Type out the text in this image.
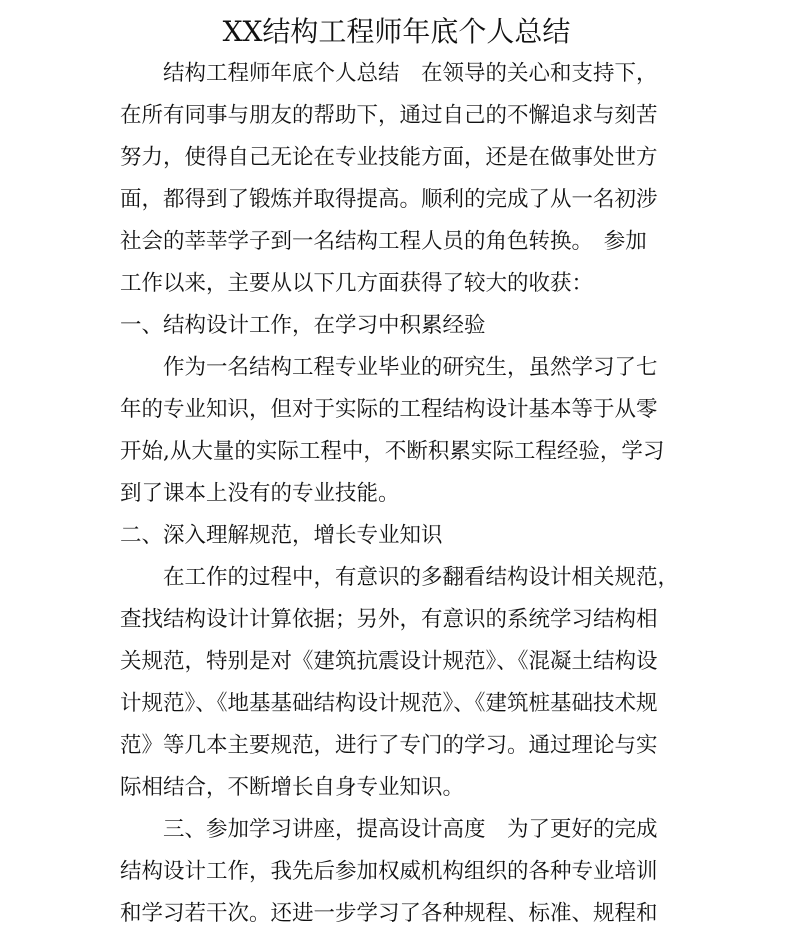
XX结构工程师年底个人总结

结构工程师年底个人总结　在领导的关心和支持下，

在所有同事与朋友的帮助下，通过自己的不懈追求与刻苦

努力，使得自己无论在专业技能方面，还是在做事处世方

面，都得到了锻炼并取得提高。顺利的完成了从一名初涉

社会的莘莘学子到一名结构工程人员的角色转换。　参加

工作以来，主要从以下几方面获得了较大的收获：

一、结构设计工作，在学习中积累经验

作为一名结构工程专业毕业的研究生，虽然学习了七

年的专业知识，但对于实际的工程结构设计基本等于从零

开始,从大量的实际工程中，不断积累实际工程经验，学习

到了课本上没有的专业技能。

二、深入理解规范，增长专业知识

在工作的过程中，有意识的多翻看结构设计相关规范，

查找结构设计计算依据；另外，有意识的系统学习结构相

关规范，特别是对《建筑抗震设计规范》、《混凝土结构设

计规范》、《地基基础结构设计规范》、《建筑桩基础技术规

范》等几本主要规范，进行了专门的学习。通过理论与实

际相结合，不断增长自身专业知识。

三、参加学习讲座，提高设计高度　为了更好的完成

结构设计工作，我先后参加权威机构组织的各种专业培训

和学习若干次。还进一步学习了各种规程、标准、规程和
